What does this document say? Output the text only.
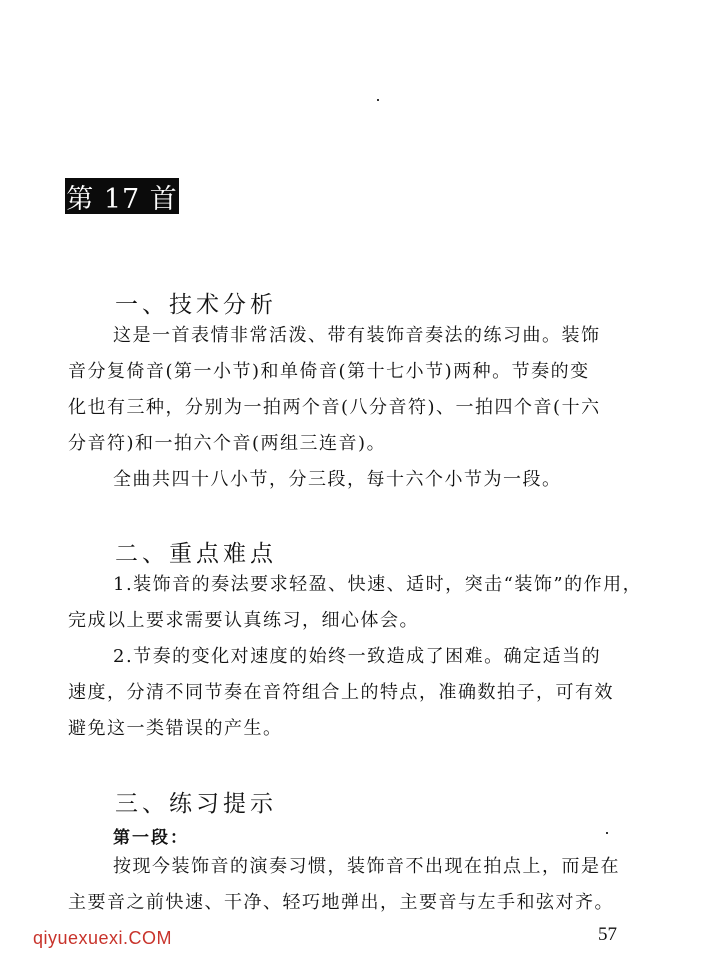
第 17 首
一、技术分析
这是一首表情非常活泼、带有装饰音奏法的练习曲。装饰
音分复倚音(第一小节)和单倚音(第十七小节)两种。节奏的变
化也有三种，分别为一拍两个音(八分音符)、一拍四个音(十六
分音符)和一拍六个音(两组三连音)。
全曲共四十八小节，分三段，每十六个小节为一段。
二、重点难点
1.装饰音的奏法要求轻盈、快速、适时，突击“装饰”的作用，
完成以上要求需要认真练习，细心体会。
2.节奏的变化对速度的始终一致造成了困难。确定适当的
速度，分清不同节奏在音符组合上的特点，准确数拍子，可有效
避免这一类错误的产生。
三、练习提示
第一段：
按现今装饰音的演奏习惯，装饰音不出现在拍点上，而是在
主要音之前快速、干净、轻巧地弹出，主要音与左手和弦对齐。
57
qiyuexuexi.COM
